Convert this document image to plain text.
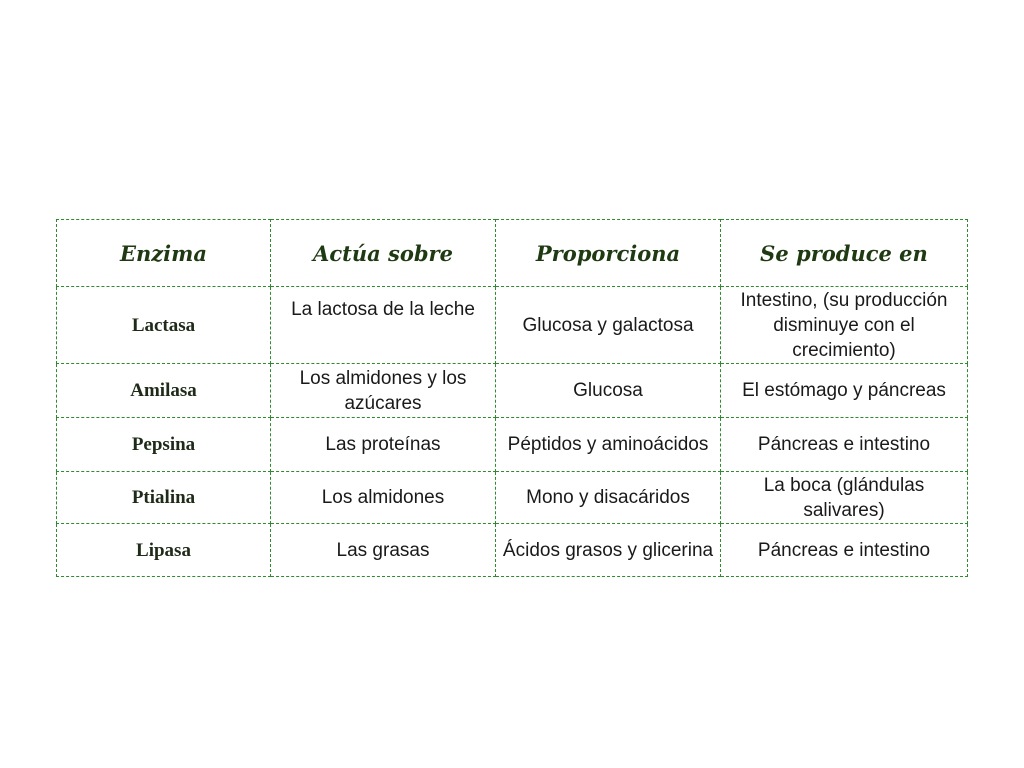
Enzima	Actúa sobre	Proporciona	Se produce en
Lactasa	La lactosa de la leche	Glucosa y galactosa	Intestino, (su producción disminuye con el crecimiento)
Amilasa	Los almidones y los azúcares	Glucosa	El estómago y páncreas
Pepsina	Las proteínas	Péptidos y aminoácidos	Páncreas e intestino
Ptialina	Los almidones	Mono y disacáridos	La boca (glándulas salivares)
Lipasa	Las grasas	Ácidos grasos y glicerina	Páncreas e intestino
